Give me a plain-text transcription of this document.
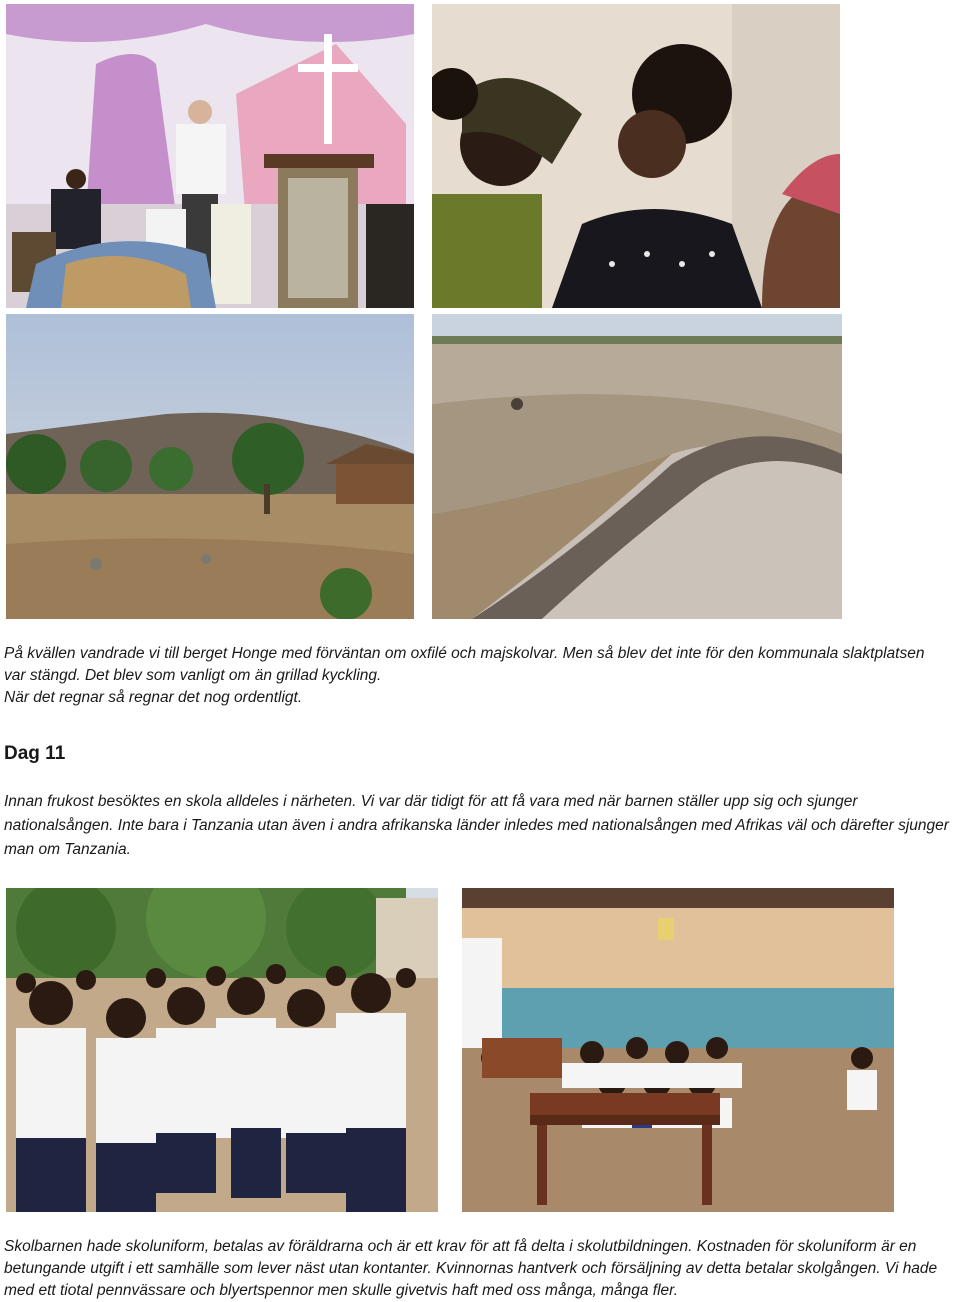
På kvällen vandrade vi till berget Honge med förväntan om oxfilé och majskolvar. Men så blev det inte för den kommunala slaktplatsen var stängd. Det blev som vanligt om än grillad kyckling.

När det regnar så regnar det nog ordentligt.

Dag 11
Innan frukost besöktes en skola alldeles i närheten. Vi var där tidigt för att få vara med när barnen ställer upp sig och sjunger nationalsången. Inte bara i Tanzania utan även i andra afrikanska länder inledes med nationalsången med Afrikas väl och därefter sjunger man om Tanzania.
Skolbarnen hade skoluniform, betalas av föräldrarna och är ett krav för att få delta i skolutbildningen. Kostnaden för skoluniform är en betungande utgift i ett samhälle som lever näst utan kontanter. Kvinnornas hantverk och försäljning av detta betalar skolgången. Vi hade med ett tiotal pennvässare och blyertspennor men skulle givetvis haft med oss många, många fler.
